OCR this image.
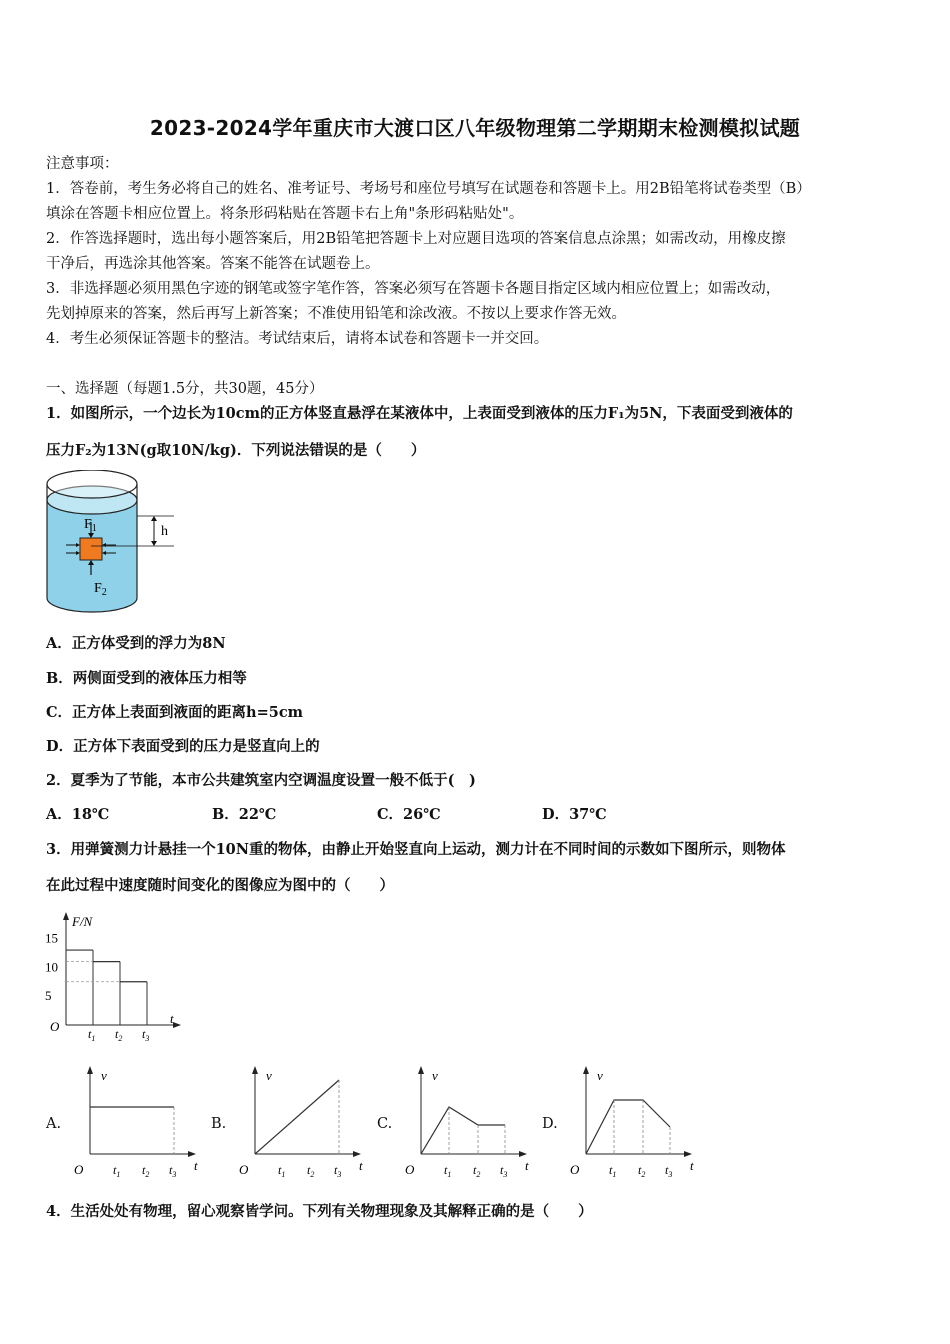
2023-2024学年重庆市大渡口区八年级物理第二学期期末检测模拟试题
注意事项：
1．答卷前，考生务必将自己的姓名、准考证号、考场号和座位号填写在试题卷和答题卡上。用2B铅笔将试卷类型（B）
填涂在答题卡相应位置上。将条形码粘贴在答题卡右上角"条形码粘贴处"。
2．作答选择题时，选出每小题答案后，用2B铅笔把答题卡上对应题目选项的答案信息点涂黑；如需改动，用橡皮擦
干净后，再选涂其他答案。答案不能答在试题卷上。
3．非选择题必须用黑色字迹的钢笔或签字笔作答，答案必须写在答题卡各题目指定区域内相应位置上；如需改动，
先划掉原来的答案，然后再写上新答案；不准使用铅笔和涂改液。不按以上要求作答无效。
4．考生必须保证答题卡的整洁。考试结束后，请将本试卷和答题卡一并交回。
一、选择题（每题1.5分，共30题，45分）
1．如图所示，一个边长为10cm的正方体竖直悬浮在某液体中，上表面受到液体的压力F₁为5N，下表面受到液体的
压力F₂为13N(g取10N/kg)．下列说法错误的是（　　）
h
$F_1$
$F_2$
A．正方体受到的浮力为8N
B．两侧面受到的液体压力相等
C．正方体上表面到液面的距离h=5cm
D．正方体下表面受到的压力是竖直向上的
2．夏季为了节能，本市公共建筑室内空调温度设置一般不低于(　)
A．18℃	B．22℃	C．26℃	D．37℃
3．用弹簧测力计悬挂一个10N重的物体，由静止开始竖直向上运动，测力计在不同时间的示数如下图所示，则物体
在此过程中速度随时间变化的图像应为图中的（　　）
F/N
t
O
15
10
5
$t_1$ $t_2$ $t_3$
A.	B.	C.	D.
v
t
O $t_1$ $t_2$ $t_3$
v
t
O $t_1$ $t_2$ $t_3$
v
t
O $t_1$ $t_2$ $t_3$
v
t
O $t_1$ $t_2$ $t_3$
4．生活处处有物理，留心观察皆学问。下列有关物理现象及其解释正确的是（　　）
